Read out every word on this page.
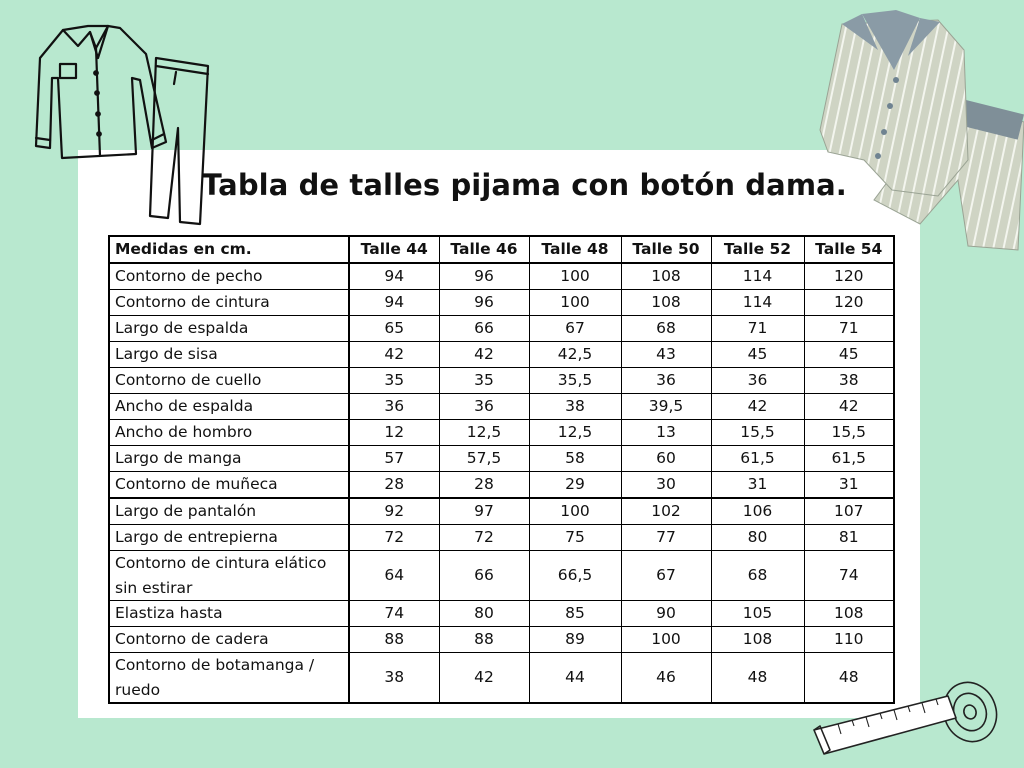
Tabla de talles pijama con botón dama.
Medidas en cm.	Talle 44	Talle 46	Talle 48	Talle 50	Talle 52	Talle 54
Contorno de pecho	94	96	100	108	114	120
Contorno de cintura	94	96	100	108	114	120
Largo de espalda	65	66	67	68	71	71
Largo de sisa	42	42	42,5	43	45	45
Contorno de cuello	35	35	35,5	36	36	38
Ancho de espalda	36	36	38	39,5	42	42
Ancho de hombro	12	12,5	12,5	13	15,5	15,5
Largo de manga	57	57,5	58	60	61,5	61,5
Contorno de muñeca	28	28	29	30	31	31
Largo de pantalón	92	97	100	102	106	107
Largo de entrepierna	72	72	75	77	80	81
Contorno de cintura elático sin estirar	64	66	66,5	67	68	74
Elastiza hasta	74	80	85	90	105	108
Contorno de cadera	88	88	89	100	108	110
Contorno de botamanga / ruedo	38	42	44	46	48	48
